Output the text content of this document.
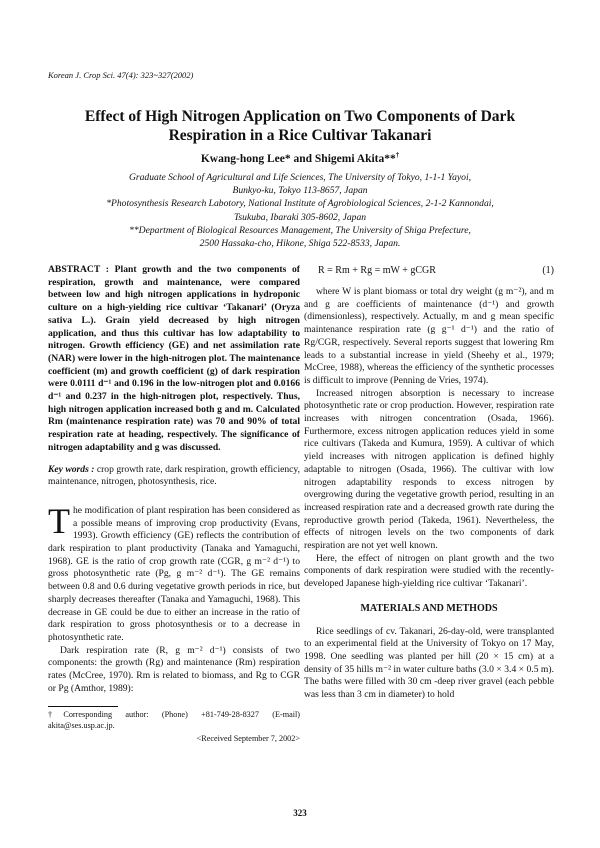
Korean J. Crop Sci. 47(4): 323~327(2002)
Effect of High Nitrogen Application on Two Components of Dark
Respiration in a Rice Cultivar Takanari
Kwang-hong Lee* and Shigemi Akita**†
Graduate School of Agricultural and Life Sciences, The University of Tokyo, 1-1-1 Yayoi,
Bunkyo-ku, Tokyo 113-8657, Japan
*Photosynthesis Research Labotory, National Institute of Agrobiological Sciences, 2-1-2 Kannondai,
Tsukuba, Ibaraki 305-8602, Japan
**Department of Biological Resources Management, The University of Shiga Prefecture,
2500 Hassaka-cho, Hikone, Shiga 522-8533, Japan.

ABSTRACT : Plant growth and the two components of respiration, growth and maintenance, were compared between low and high nitrogen applications in hydroponic culture on a high-yielding rice cultivar ‘Takanari’ (Oryza sativa L.). Grain yield decreased by high nitrogen application, and thus this cultivar has low adaptability to nitrogen. Growth efficiency (GE) and net assimilation rate (NAR) were lower in the high-nitrogen plot. The maintenance coefficient (m) and growth coefficient (g) of dark respiration were 0.0111 d⁻¹ and 0.196 in the low-nitrogen plot and 0.0166 d⁻¹ and 0.237 in the high-nitrogen plot, respectively. Thus, high nitrogen application increased both g and m. Calculated Rm (maintenance respiration rate) was 70 and 90% of total respiration rate at heading, respectively. The significance of nitrogen adaptability and g was discussed.

Key words : crop growth rate, dark respiration, growth efficiency, maintenance, nitrogen, photosynthesis, rice.

The modification of plant respiration has been considered as a possible means of improving crop productivity (Evans, 1993). Growth efficiency (GE) reflects the contribution of dark respiration to plant productivity (Tanaka and Yamaguchi, 1968). GE is the ratio of crop growth rate (CGR, g m⁻² d⁻¹) to gross photosynthetic rate (Pg, g m⁻² d⁻¹). The GE remains between 0.8 and 0.6 during vegetative growth periods in rice, but sharply decreases thereafter (Tanaka and Yamaguchi, 1968). This decrease in GE could be due to either an increase in the ratio of dark respiration to gross photosynthesis or to a decrease in photosynthetic rate.

Dark respiration rate (R, g m⁻² d⁻¹) consists of two components: the growth (Rg) and maintenance (Rm) respiration rates (McCree, 1970). Rm is related to biomass, and Rg to CGR or Pg (Amthor, 1989):

†Corresponding author: (Phone) +81-749-28-8327 (E-mail) akita@ses.usp.ac.jp.

<Received September 7, 2002>

R = Rm + Rg = mW + gCGR	(1)

where W is plant biomass or total dry weight (g m⁻²), and m and g are coefficients of maintenance (d⁻¹) and growth (dimensionless), respectively. Actually, m and g mean specific maintenance respiration rate (g g⁻¹ d⁻¹) and the ratio of Rg/CGR, respectively. Several reports suggest that lowering Rm leads to a substantial increase in yield (Sheehy et al., 1979; McCree, 1988), whereas the efficiency of the synthetic processes is difficult to improve (Penning de Vries, 1974).

Increased nitrogen absorption is necessary to increase photosynthetic rate or crop production. However, respiration rate increases with nitrogen concentration (Osada, 1966). Furthermore, excess nitrogen application reduces yield in some rice cultivars (Takeda and Kumura, 1959). A cultivar of which yield increases with nitrogen application is defined highly adaptable to nitrogen (Osada, 1966). The cultivar with low nitrogen adaptability responds to excess nitrogen by overgrowing during the vegetative growth period, resulting in an increased respiration rate and a decreased growth rate during the reproductive growth period (Takeda, 1961). Nevertheless, the effects of nitrogen levels on the two components of dark respiration are not yet well known.

Here, the effect of nitrogen on plant growth and the two components of dark respiration were studied with the recently-developed Japanese high-yielding rice cultivar ‘Takanari’.

MATERIALS AND METHODS

Rice seedlings of cv. Takanari, 26-day-old, were transplanted to an experimental field at the University of Tokyo on 17 May, 1998. One seedling was planted per hill (20 × 15 cm) at a density of 35 hills m⁻² in water culture baths (3.0 × 3.4 × 0.5 m). The baths were filled with 30 cm -deep river gravel (each pebble was less than 3 cm in diameter) to hold

323
